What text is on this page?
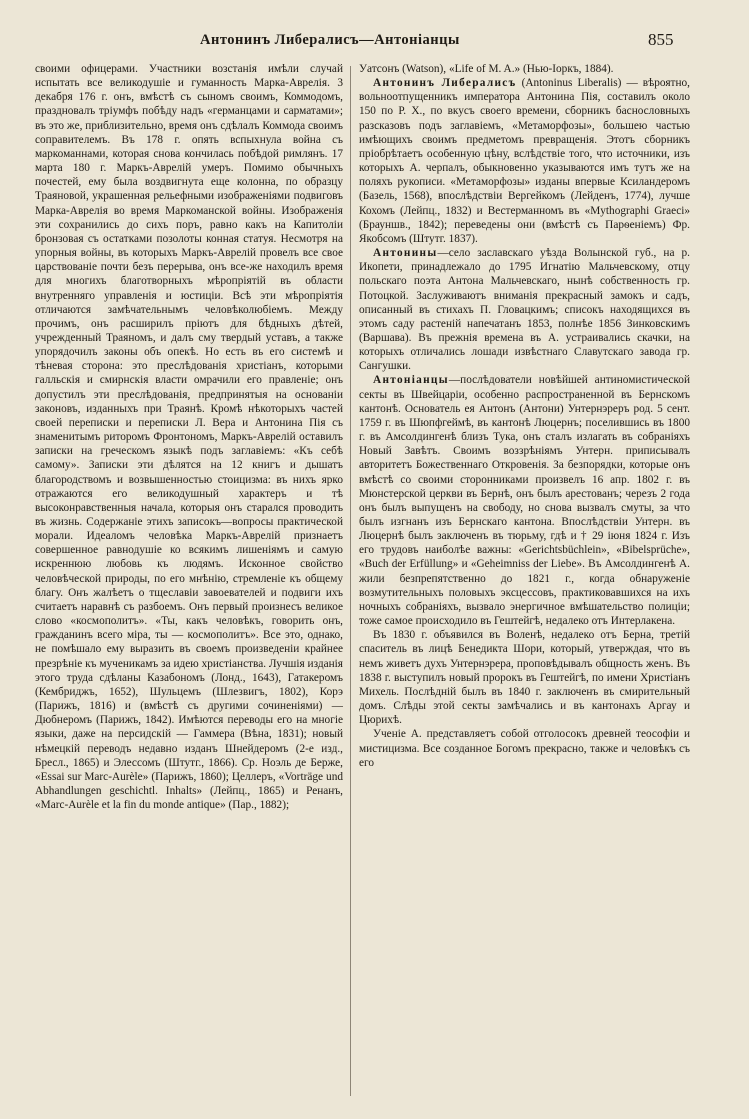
Антонинъ Либералисъ—Антоніанцы	855

своими офицерами. Участники возстанія имѣли случай испытать все великодушіе и гуманность Марка-Аврелія. 3 декабря 176 г. онъ, вмѣстѣ съ сыномъ своимъ, Коммодомъ, праздновалъ тріумфъ побѣду надъ «германцами и сарматами»; въ это же, приблизительно, время онъ сдѣлалъ Коммода своимъ соправителемъ. Въ 178 г. опять вспыхнула война съ маркоманнами, которая снова кончилась побѣдой римлянъ. 17 марта 180 г. Маркъ-Аврелій умеръ. Помимо обычныхъ почестей, ему была воздвигнута еще колонна, по образцу Траяновой, украшенная рельефными изображеніями подвиговъ Марка-Аврелія во время Маркоманской войны. Изображенія эти сохранились до сихъ поръ, равно какъ на Капитоліи бронзовая съ остатками позолоты конная статуя. Несмотря на упорныя войны, въ которыхъ Маркъ-Аврелій провелъ все свое царствованіе почти безъ перерыва, онъ все-же находилъ время для многихъ благотворныхъ мѣропріятій въ области внутренняго управленія и юстиціи. Всѣ эти мѣропріятія отличаются замѣчательнымъ человѣколюбіемъ. Между прочимъ, онъ расширилъ пріютъ для бѣдныхъ дѣтей, учрежденный Траяномъ, и далъ сму твердый уставъ, а также упорядочилъ законы объ опекѣ. Но есть въ его системѣ и тѣневая сторона: это преслѣдованія христіанъ, которыми галльскія и смирнскія власти омрачили его правленіе; онъ допустилъ эти преслѣдованія, предпринятыя на основаніи законовъ, изданныхъ при Траянѣ. Кромѣ нѣкоторыхъ частей своей переписки и переписки Л. Вера и Антонина Пія съ знаменитымъ риторомъ Фронтономъ, Маркъ-Аврелій оставилъ записки на греческомъ языкѣ подъ заглавіемъ: «Къ себѣ самому». Записки эти дѣлятся на 12 книгъ и дышатъ благородствомъ и возвышенностью стоицизма: въ нихъ ярко отражаются его великодушный характеръ и тѣ высоконравственныя начала, которыя онъ старался проводить въ жизнь. Содержаніе этихъ записокъ—вопросы практической морали. Идеаломъ человѣка Маркъ-Аврелій признаетъ совершенное равнодушіе ко всякимъ лишеніямъ и самую искреннюю любовь къ людямъ. Исконное свойство человѣческой природы, по его мнѣнію, стремленіе къ общему благу. Онъ жалѣетъ о тщеславіи завоевателей и подвиги ихъ считаетъ наравнѣ съ разбоемъ. Онъ первый произнесъ великое слово «космополитъ». «Ты, какъ человѣкъ, говорить онъ, гражданинъ всего міра, ты — космополитъ». Все это, однако, не помѣшало ему выразить въ своемъ произведеніи крайнее презрѣніе къ мученикамъ за идею христіанства. Лучшія изданія этого труда сдѣланы Казабономъ (Лонд., 1643), Гатакеромъ (Кембриджъ, 1652), Шульцемъ (Шлезвигъ, 1802), Корэ (Парижъ, 1816) и (вмѣстѣ съ другими сочиненіями) — Дюбнеромъ (Парижъ, 1842). Имѣются переводы его на многіе языки, даже на персидскій — Гаммера (Вѣна, 1831); новый нѣмецкій переводъ недавно изданъ Шнейдеромъ (2-е изд., Бресл., 1865) и Элессомъ (Штутг., 1866). Ср. Ноэль де Берже, «Essai sur Marc-Aurèle» (Парижъ, 1860); Целлеръ, «Vorträge und Abhandlungen geschichtl. Inhalts» (Лейпц., 1865) и Ренанъ, «Marc-Aurèle et la fin du monde antique» (Пар., 1882);

Уатсонъ (Watson), «Life of M. A.» (Нью-Іоркъ, 1884).

Антонинъ Либералисъ (Antoninus Liberalis) — вѣроятно, вольноотпущенникъ императора Антонина Пія, составилъ около 150 по Р. Х., по вкусъ своего времени, сборникъ баснословныхъ разсказовъ подъ заглавіемъ, «Метаморфозы», большею частью имѣющихъ своимъ предметомъ превращенія. Этотъ сборникъ пріобрѣтаетъ особенную цѣну, вслѣдствіе того, что источники, изъ которыхъ А. черпалъ, обыкновенно указываются имъ тутъ же на поляхъ рукописи. «Метаморфозы» изданы впервые Ксиландеромъ (Базель, 1568), впослѣдствіи Вергейкомъ (Лейденъ, 1774), лучше Кохомъ (Лейпц., 1832) и Вестерманномъ въ «Mythographi Graeci» (Брауншв., 1842); переведены они (вмѣстѣ съ Парѳеніемъ) Фр. Якобсомъ (Штутг. 1837).

Антонины—село заславскаго уѣзда Волынской губ., на р. Икопети, принадлежало до 1795 Игнатію Мальчевскому, отцу польскаго поэта Антона Мальчевскаго, нынѣ собственность гр. Потоцкой. Заслуживаютъ вниманія прекрасный замокъ и садъ, описанный въ стихахъ П. Гловацкимъ; списокъ находящихся въ этомъ саду растеній напечатанъ 1853, полнѣе 1856 Зинковскимъ (Варшава). Въ прежнія времена въ А. устраивались скачки, на которыхъ отличались лошади извѣстнаго Славутскаго завода гр. Сангушки.

Антоніанцы—послѣдователи новѣйшей антиномистической секты въ Швейцаріи, особенно распространенной въ Бернскомъ кантонѣ. Основатель ея Антонъ (Антони) Унтернэреръ род. 5 сент. 1759 г. въ Шюпфгеймѣ, въ кантонѣ Люцернъ; поселившись въ 1800 г. въ Амсолдингенѣ близъ Тука, онъ сталъ излагать въ собраніяхъ Новый Завѣтъ. Своимъ воззрѣніямъ Унтерн. приписывалъ авторитетъ Божественнаго Откровенія. За безпорядки, которые онъ вмѣстѣ со своими сторонниками произвелъ 16 апр. 1802 г. въ Мюнстерской церкви въ Бернѣ, онъ былъ арестованъ; черезъ 2 года онъ былъ выпущенъ на свободу, но снова вызвалъ смуты, за что былъ изгнанъ изъ Бернскаго кантона. Впослѣдствіи Унтерн. въ Люцернѣ былъ заключенъ въ тюрьму, гдѣ и † 29 іюня 1824 г. Изъ его трудовъ наиболѣе важны: «Gerichtsbüchlein», «Bibelsprüche», «Buch der Erfüllung» и «Geheimniss der Liebe». Въ Амсолдингенѣ А. жили безпрепятственно до 1821 г., когда обнаруженіе возмутительныхъ половыхъ эксцессовъ, практиковавшихся на ихъ ночныхъ собраніяхъ, вызвало энергичное вмѣшательство полиціи; тоже самое происходило въ Гештейгѣ, недалеко отъ Интерлакена.

Въ 1830 г. объявился въ Воленѣ, недалеко отъ Берна, третій спаситель въ лицѣ Бенедикта Шори, который, утверждая, что въ немъ живетъ духъ Унтернэрера, проповѣдывалъ общность женъ. Въ 1838 г. выступилъ новый пророкъ въ Гештейгѣ, по имени Христіанъ Михель. Послѣдній былъ въ 1840 г. заключенъ въ смирительный домъ. Слѣды этой секты замѣчались и въ кантонахъ Аргау и Цюрихѣ.

Ученіе А. представляетъ собой отголосокъ древней теософіи и мистицизма. Все созданное Богомъ прекрасно, также и человѣкъ съ его
